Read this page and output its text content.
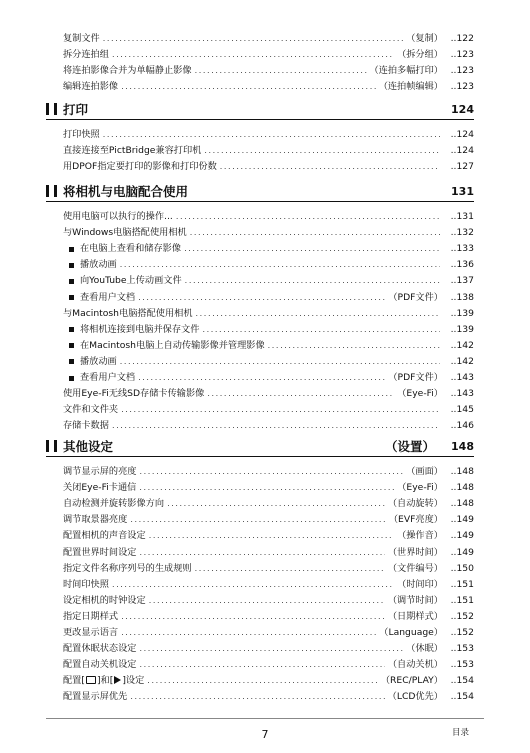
复制文件 .....	（复制） ..122
拆分连拍组 .....	（拆分组） ..123
将连拍影像合并为单幅静止影像 .....	（连拍多幅打印） ..123
编辑连拍影像 .....	（连拍帧编辑） ..123
打印	124
打印快照 .....	..124
直接连接至PictBridge兼容打印机 .....	..124
用DPOF指定要打印的影像和打印份数 .....	..127
将相机与电脑配合使用	131
使用电脑可以执行的操作... .....	..131
与Windows电脑搭配使用相机 .....	..132
在电脑上查看和储存影像 .....	..133
播放动画 .....	..136
向YouTube上传动画文件 .....	..137
查看用户文档 .....	（PDF文件） ..138
与Macintosh电脑搭配使用相机 .....	..139
将相机连接到电脑并保存文件 .....	..139
在Macintosh电脑上自动传输影像并管理影像 .....	..142
播放动画 .....	..142
查看用户文档 .....	（PDF文件） ..143
使用Eye-Fi无线SD存储卡传输影像 .....	（Eye-Fi） ..143
文件和文件夹 .....	..145
存储卡数据 .....	..146
其他设定	（设置） 148
调节显示屏的亮度 .....	（画面） ..148
关闭Eye-Fi卡通信 .....	（Eye-Fi） ..148
自动检测并旋转影像方向 .....	（自动旋转） ..148
调节取景器亮度 .....	（EVF亮度） ..149
配置相机的声音设定 .....	（操作音） ..149
配置世界时间设定 .....	（世界时间） ..149
指定文件名称序列号的生成规则 .....	（文件编号） ..150
时间印快照 .....	（时间印） ..151
设定相机的时钟设定 .....	（调节时间） ..151
指定日期样式 .....	（日期样式） ..152
更改显示语言 .....	（Language） ..152
配置休眠状态设定 .....	（休眠） ..153
配置自动关机设定 .....	（自动关机） ..153
配置[ ]和[ ]设定 .....	（REC/PLAY） ..154
配置显示屏优先 .....	（LCD优先） ..154
7	目录
